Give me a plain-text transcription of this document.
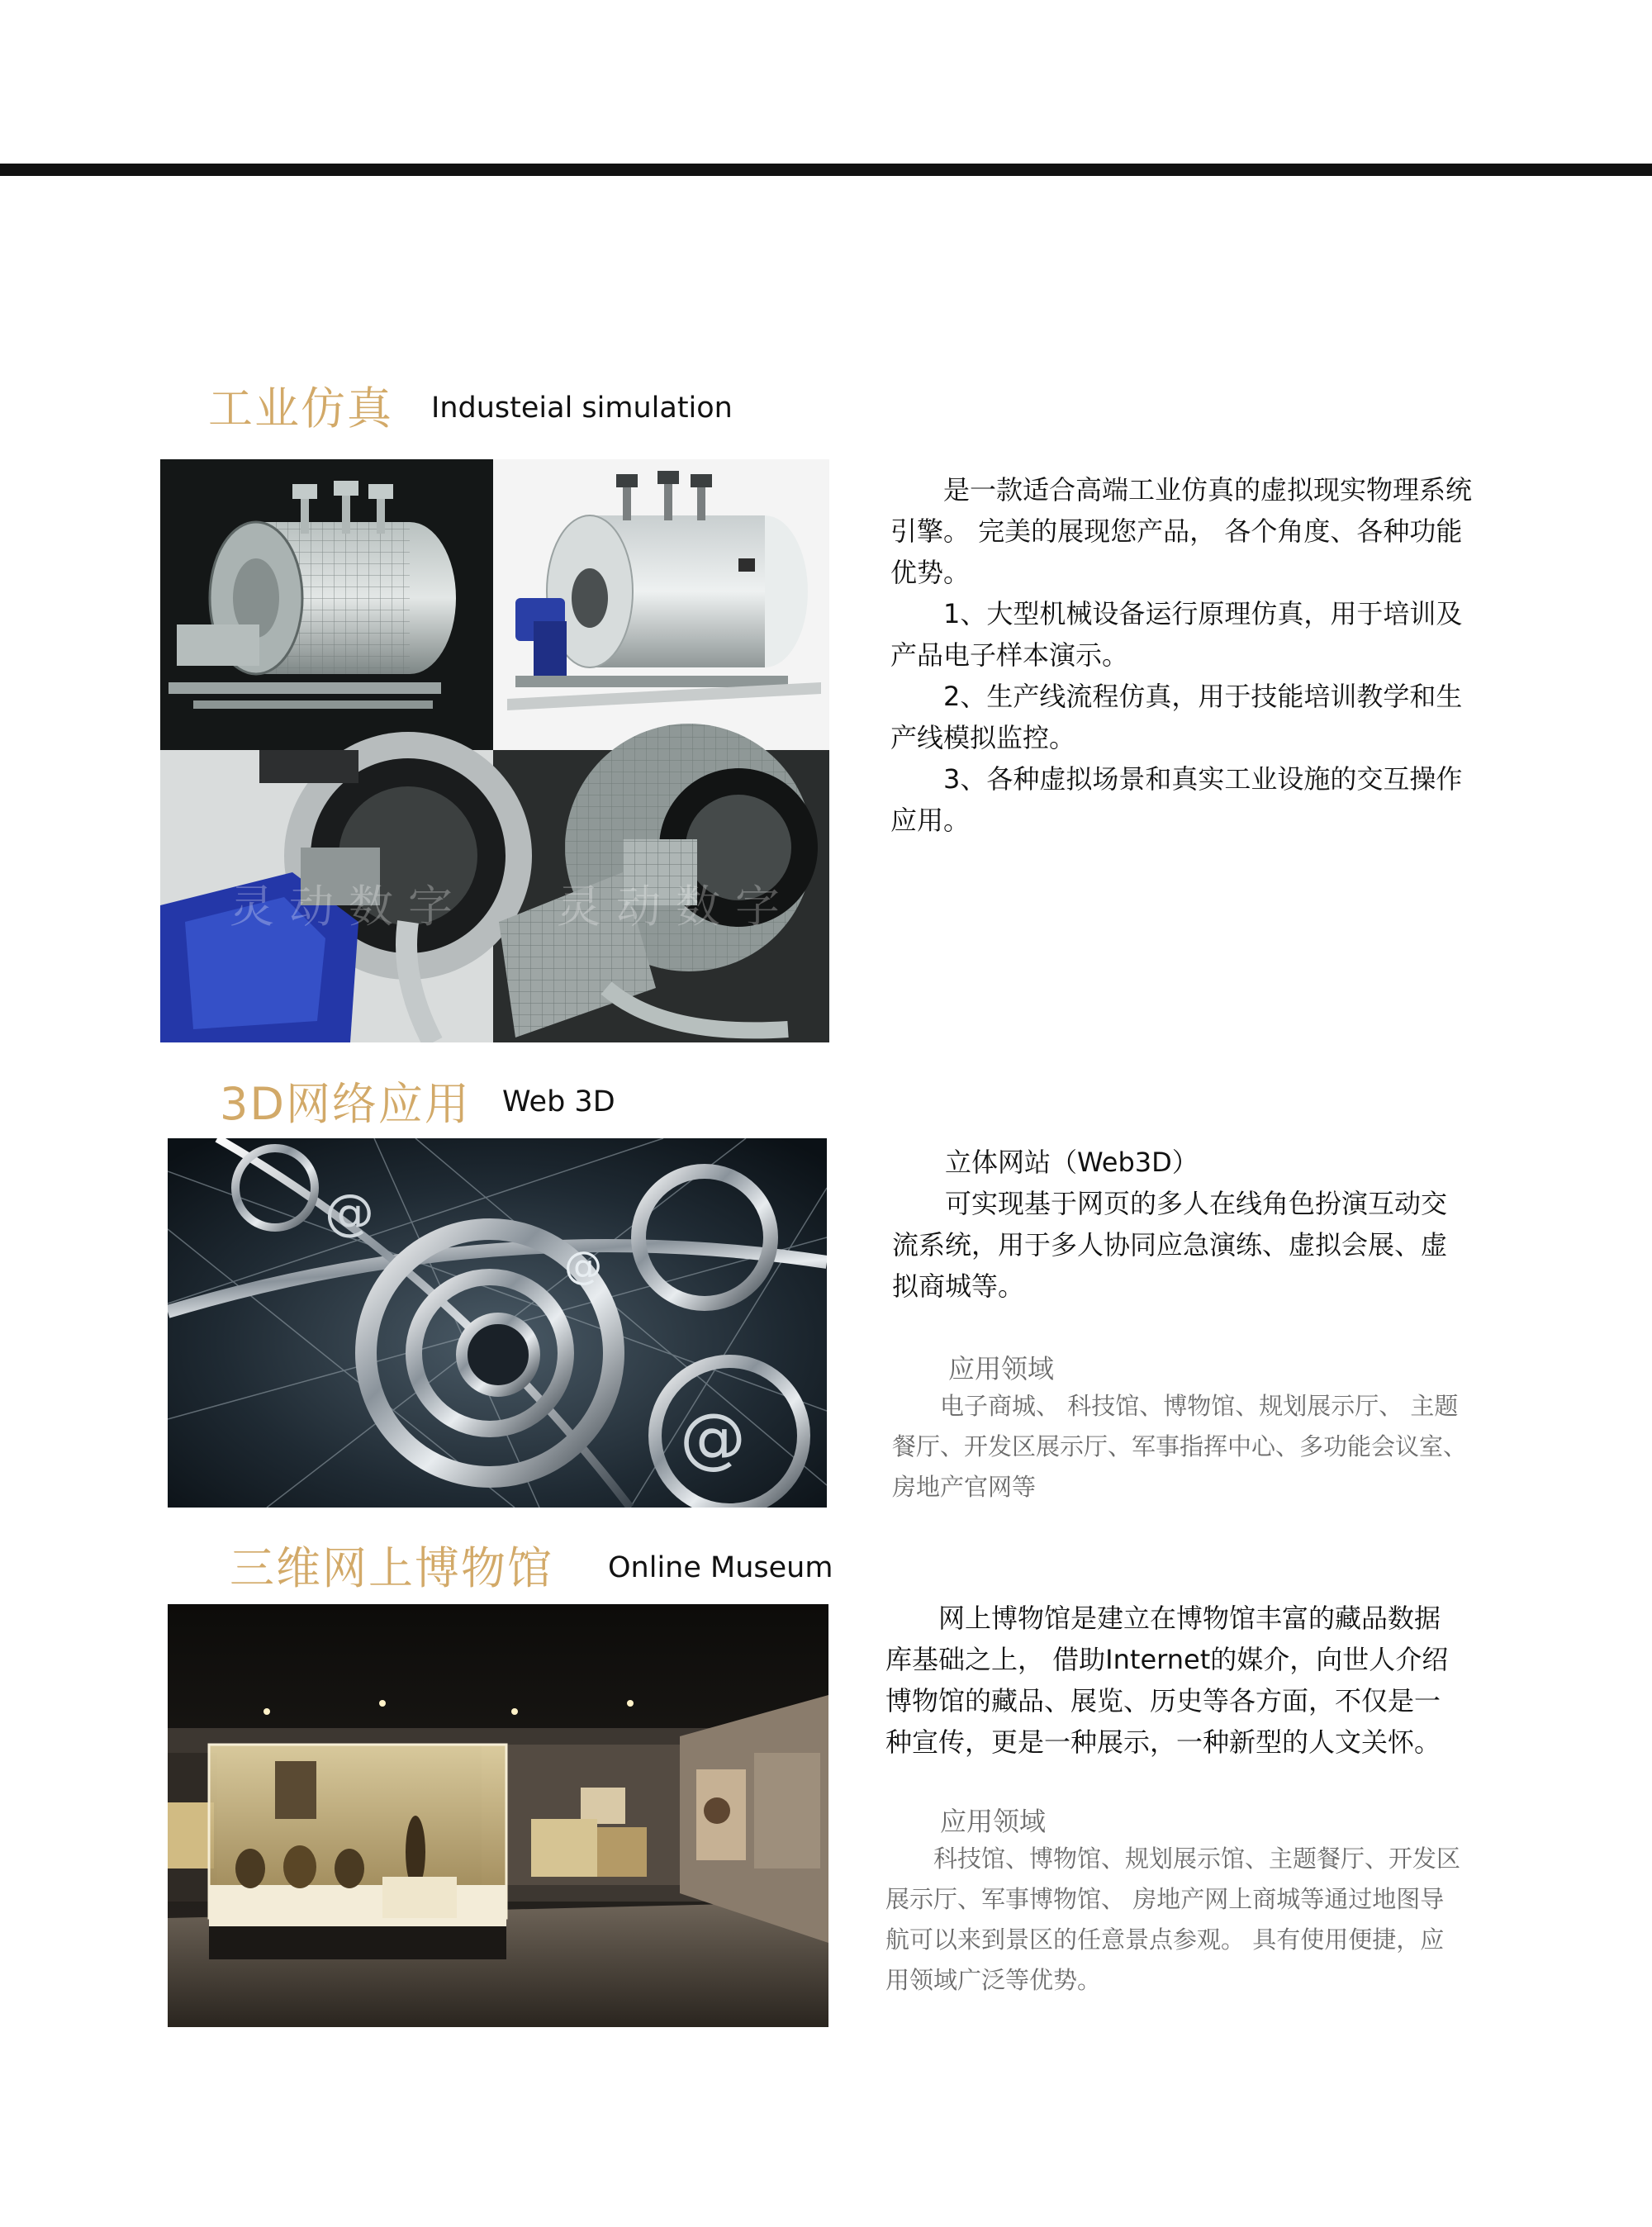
工业仿真 Industeial simulation
灵动数字 灵动数字

是一款适合高端工业仿真的虚拟现实物理系统引擎。 完美的展现您产品， 各个角度、各种功能优势。

1、大型机械设备运行原理仿真，用于培训及产品电子样本演示。

2、生产线流程仿真，用于技能培训教学和生产线模拟监控。

3、各种虚拟场景和真实工业设施的交互操作应用。

3D网络应用 Web 3D
@
@
@

立体网站（Web3D）

可实现基于网页的多人在线角色扮演互动交流系统，用于多人协同应急演练、虚拟会展、虚拟商城等。

应用领域

电子商城、 科技馆、博物馆、规划展示厅、 主题餐厅、开发区展示厅、军事指挥中心、多功能会议室、房地产官网等

三维网上博物馆 Online Museum

网上博物馆是建立在博物馆丰富的藏品数据库基础之上， 借助Internet的媒介，向世人介绍博物馆的藏品、展览、历史等各方面，不仅是一种宣传，更是一种展示，一种新型的人文关怀。

应用领域

科技馆、博物馆、规划展示馆、主题餐厅、开发区展示厅、军事博物馆、 房地产网上商城等通过地图导航可以来到景区的任意景点参观。 具有使用便捷，应用领域广泛等优势。
